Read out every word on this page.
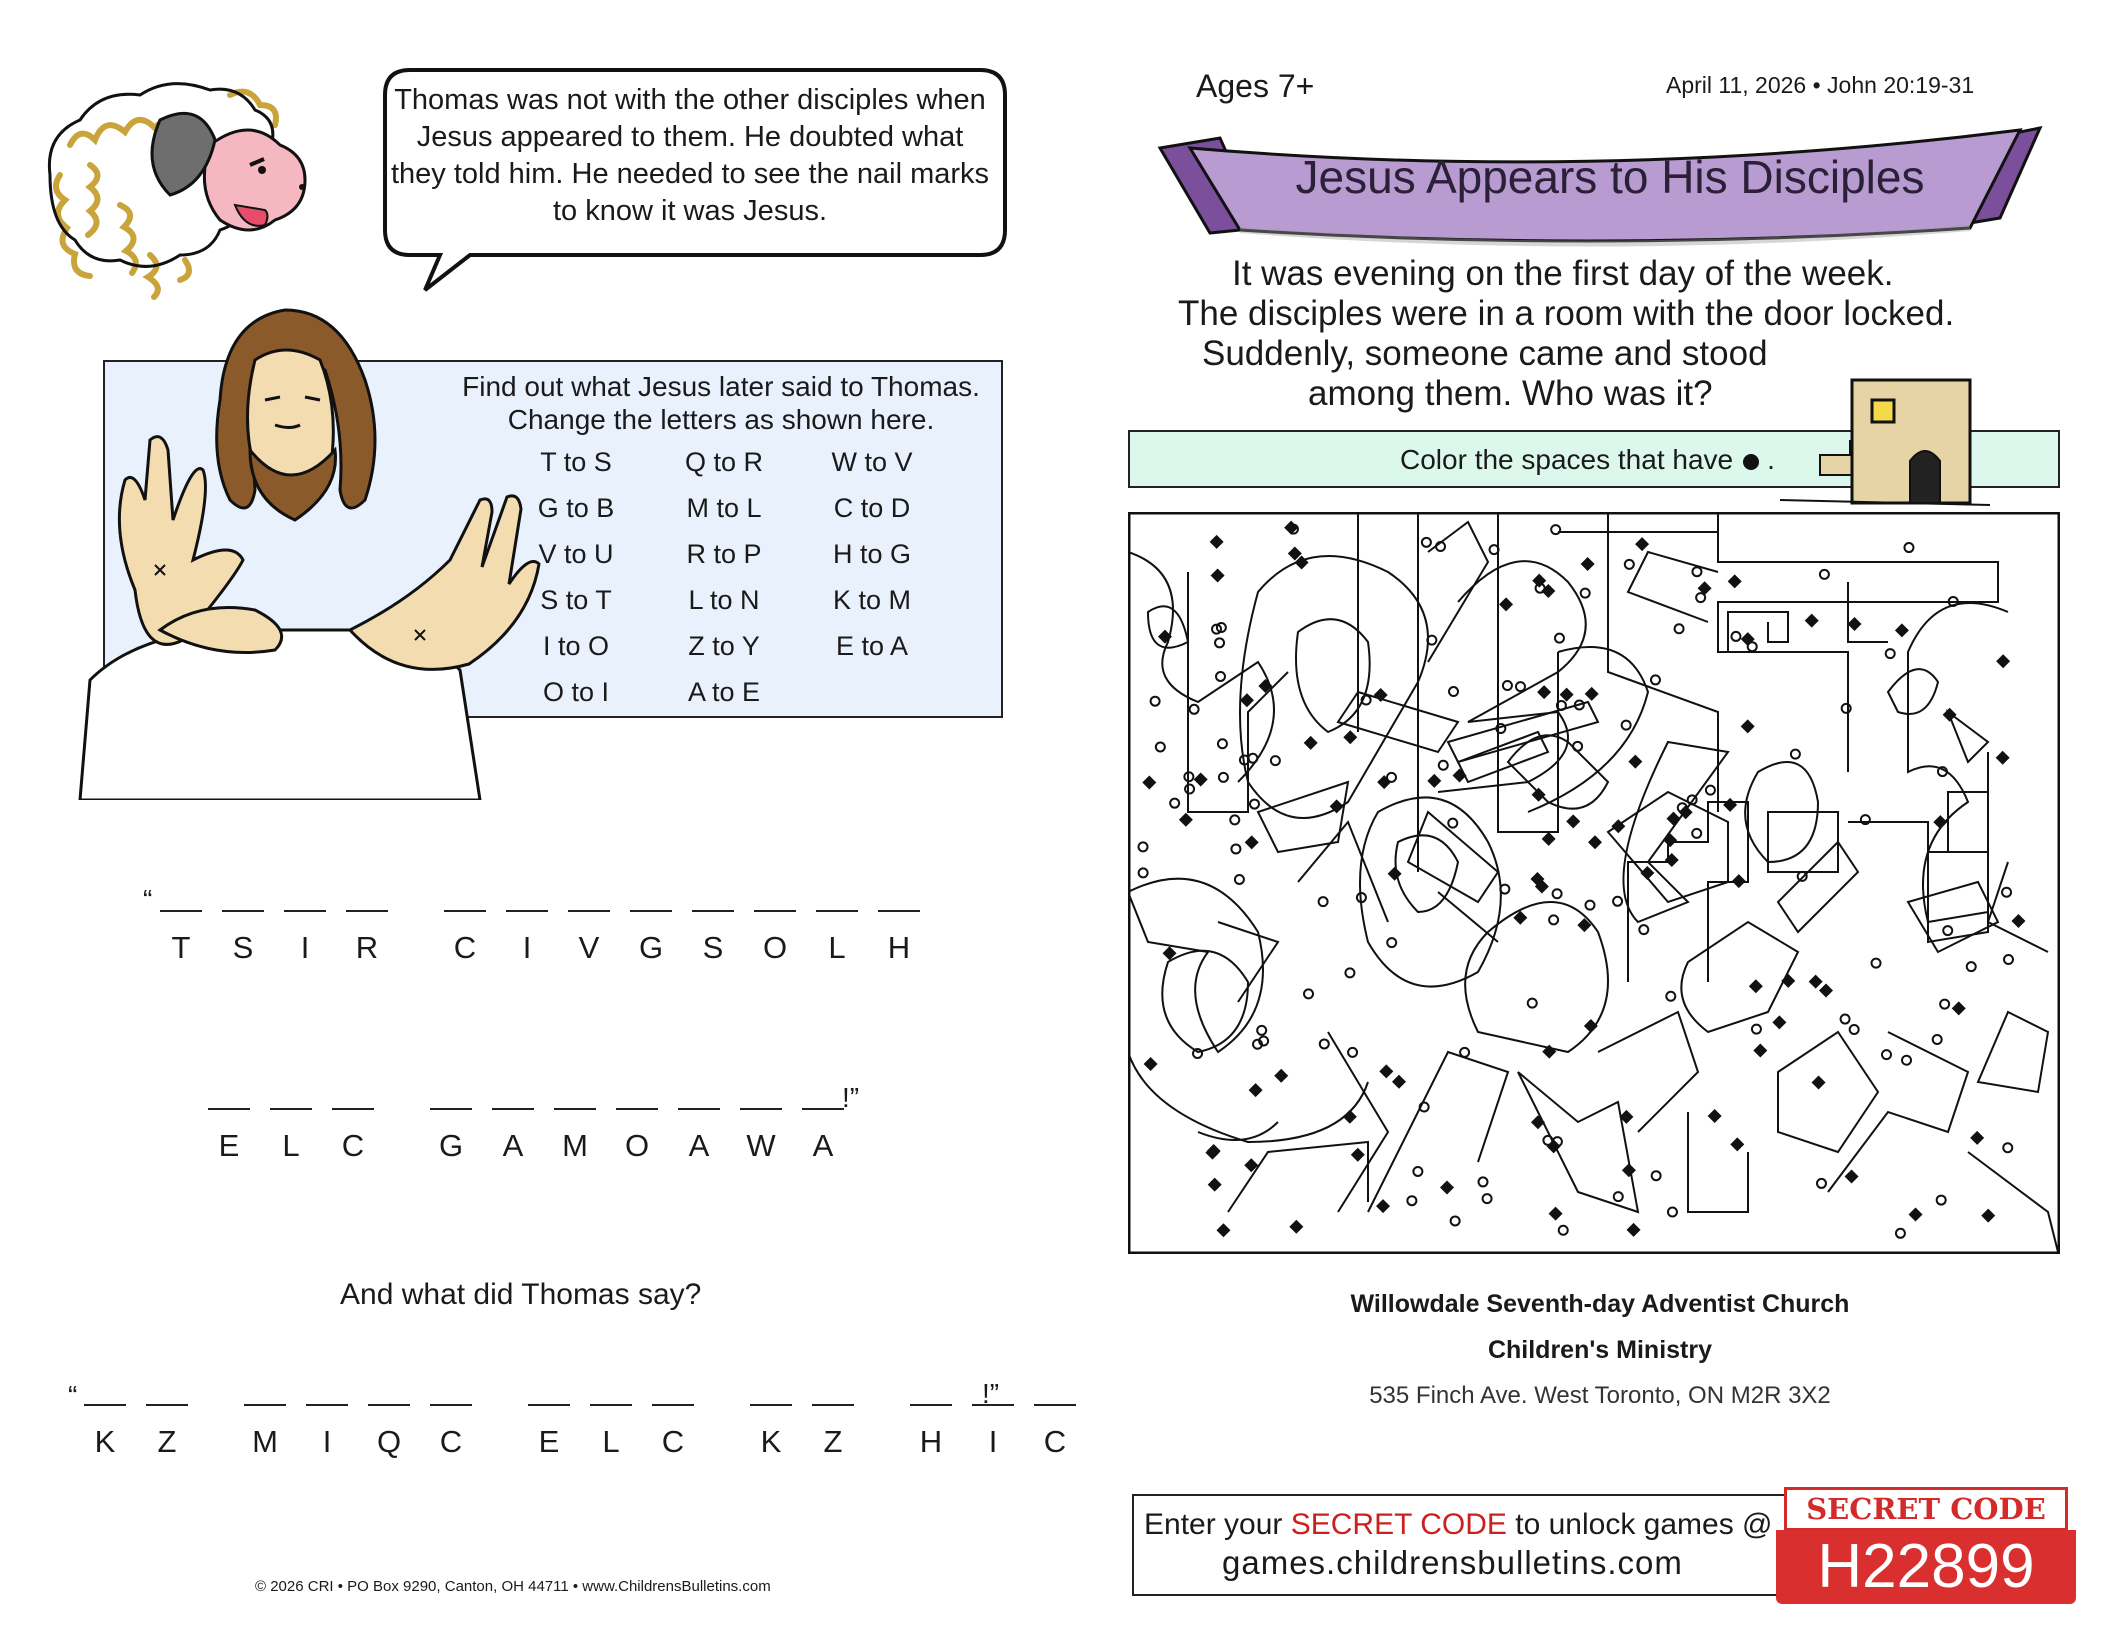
Thomas was not with the other disciples when Jesus appeared to them. He doubted what they told him. He needed to see the nail marks to know it was Jesus.

Find out what Jesus later said to Thomas. Change the letters as shown here.

T to S	Q to R	W to V
G to B	M to L	C to D
V to U	R to P	H to G
S to T	L to N	K to M
I to O	Z to Y	E to A
O to I	A to E
“
T	S	I	R	C	I	V	G	S	O	L	H
E	L	C	G	A	M O	A	W	A
!”
And what did Thomas say?
“
K	Z	M	I	Q	C	E	L	C	K	Z	H	I	C
!”
© 2026 CRI • PO Box 9290, Canton, OH 44711 • www.ChildrensBulletins.com
Ages 7+	April 11, 2026 • John 20:19-31
Jesus Appears to His Disciples

It was evening on the first day of the week.
The disciples were in a room with the door locked.
Suddenly, someone came and stood
among them. Who was it?

Color the spaces that have .
Willowdale Seventh-day Adventist Church
Children's Ministry
535 Finch Ave. West Toronto, ON M2R 3X2
Enter your SECRET CODE to unlock games @
games.childrensbulletins.com
SECRET CODE
H22899
